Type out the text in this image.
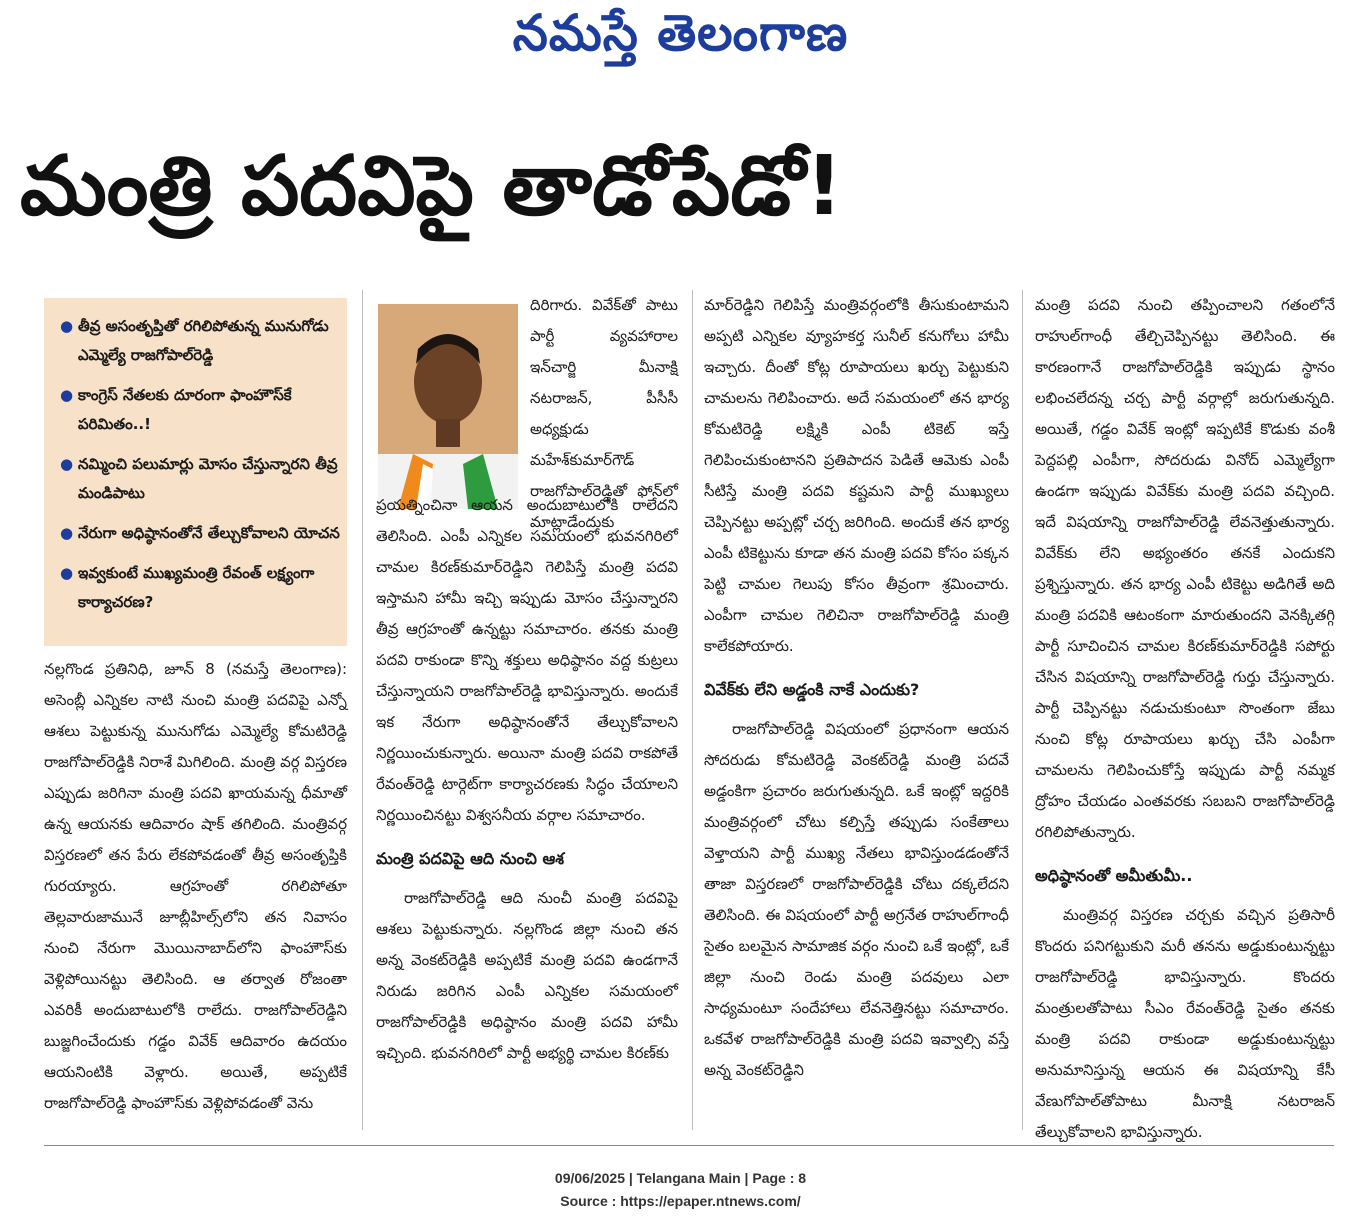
నమస్తే తెలంగాణ
మంత్రి పదవిపై తాడోపేడో!
● తీవ్ర అసంతృప్తితో రగిలిపోతున్న మునుగోడు ఎమ్మెల్యే రాజగోపాల్‌రెడ్డి
● కాంగ్రెస్‌ నేతలకు దూరంగా ఫాంహౌస్‌కే పరిమితం..!
● నమ్మించి పలుమార్లు మోసం చేస్తున్నారని తీవ్ర మండిపాటు
● నేరుగా అధిష్ఠానంతోనే తేల్చుకోవాలని యోచన
● ఇవ్వకుంటే ముఖ్యమంత్రి రేవంత్‌ లక్ష్యంగా కార్యాచరణ?

నల్లగొండ ప్రతినిధి, జూన్‌ 8 (నమస్తే తెలంగాణ): అసెంబ్లీ ఎన్నికల నాటి నుంచి మంత్రి పదవిపై ఎన్నో ఆశలు పెట్టుకున్న మునుగోడు ఎమ్మెల్యే కోమటిరెడ్డి రాజగోపాల్‌రెడ్డికి నిరాశే మిగిలింది. మంత్రి వర్గ విస్తరణ ఎప్పుడు జరిగినా మంత్రి పదవి ఖాయమన్న ధీమాతో ఉన్న ఆయనకు ఆదివారం షాక్‌ తగిలింది. మంత్రివర్గ విస్తరణలో తన పేరు లేకపోవడంతో తీవ్ర అసంతృప్తికి గురయ్యారు. ఆగ్రహంతో రగిలిపోతూ తెల్లవారుజామునే జూబ్లీహిల్స్‌లోని తన నివాసం నుంచి నేరుగా మొయినాబాద్‌లోని ఫాంహౌస్‌కు వెళ్లిపోయినట్టు తెలిసింది. ఆ తర్వాత రోజంతా ఎవరికీ అందుబాటులోకి రాలేదు. రాజగోపాల్‌రెడ్డిని బుజ్జగించేందుకు గడ్డం వివేక్‌ ఆదివారం ఉదయం ఆయనింటికి వెళ్లారు. అయితే, అప్పటికే రాజగోపాల్‌రెడ్డి ఫాంహౌస్‌కు వెళ్లిపోవడంతో వెను

దిరిగారు. వివేక్‌తో పాటు పార్టీ వ్యవహారాల ఇన్‌చార్జి మీనాక్షి నటరాజన్‌, పీసీసీ అధ్యక్షుడు మహేశ్‌కుమార్‌గౌడ్‌ రాజగోపాల్‌రెడ్డితో ఫోన్‌లో మాట్లాడేందుకు

ప్రయత్నించినా ఆయన అందుబాటులోకి రాలేదని తెలిసింది. ఎంపీ ఎన్నికల సమయంలో భువనగిరిలో చామల కిరణ్‌కుమార్‌రెడ్డిని గెలిపిస్తే మంత్రి పదవి ఇస్తామని హామీ ఇచ్చి ఇప్పుడు మోసం చేస్తున్నారని తీవ్ర ఆగ్రహంతో ఉన్నట్టు సమాచారం. తనకు మంత్రి పదవి రాకుండా కొన్ని శక్తులు అధిష్ఠానం వద్ద కుట్రలు చేస్తున్నాయని రాజగోపాల్‌రెడ్డి భావిస్తున్నారు. అందుకే ఇక నేరుగా అధిష్ఠానంతోనే తేల్చుకోవాలని నిర్ణయించుకున్నారు. అయినా మంత్రి పదవి రాకపోతే రేవంత్‌రెడ్డి టార్గెట్‌గా కార్యాచరణకు సిద్ధం చేయాలని నిర్ణయించినట్టు విశ్వసనీయ వర్గాల సమాచారం.

మంత్రి పదవిపై ఆది నుంచి ఆశ

రాజగోపాల్‌రెడ్డి ఆది నుంచీ మంత్రి పదవిపై ఆశలు పెట్టుకున్నారు. నల్లగొండ జిల్లా నుంచి తన అన్న వెంకట్‌రెడ్డికి అప్పటికే మంత్రి పదవి ఉండగానే నిరుడు జరిగిన ఎంపీ ఎన్నికల సమయంలో రాజగోపాల్‌రెడ్డికి అధిష్ఠానం మంత్రి పదవి హామీ ఇచ్చింది. భువనగిరిలో పార్టీ అభ్యర్థి చామల కిరణ్‌కు

మార్‌రెడ్డిని గెలిపిస్తే మంత్రివర్గంలోకి తీసుకుంటామని అప్పటి ఎన్నికల వ్యూహకర్త సునీల్‌ కనుగోలు హామీ ఇచ్చారు. దీంతో కోట్ల రూపాయలు ఖర్చు పెట్టుకుని చామలను గెలిపించారు. అదే సమయంలో తన భార్య కోమటిరెడ్డి లక్ష్మికి ఎంపీ టికెట్‌ ఇస్తే గెలిపించుకుంటానని ప్రతిపాదన పెడితే ఆమెకు ఎంపీ సీటిస్తే మంత్రి పదవి కష్టమని పార్టీ ముఖ్యులు చెప్పినట్టు అప్పట్లో చర్చ జరిగింది. అందుకే తన భార్య ఎంపీ టికెట్టును కూడా తన మంత్రి పదవి కోసం పక్కన పెట్టి చామల గెలుపు కోసం తీవ్రంగా శ్రమించారు. ఎంపీగా చామల గెలిచినా రాజగోపాల్‌రెడ్డి మంత్రి కాలేకపోయారు.

వివేక్‌కు లేని అడ్డంకి నాకే ఎందుకు?

రాజగోపాల్‌రెడ్డి విషయంలో ప్రధానంగా ఆయన సోదరుడు కోమటిరెడ్డి వెంకట్‌రెడ్డి మంత్రి పదవే అడ్డంకిగా ప్రచారం జరుగుతున్నది. ఒకే ఇంట్లో ఇద్దరికి మంత్రివర్గంలో చోటు కల్పిస్తే తప్పుడు సంకేతాలు వెళ్తాయని పార్టీ ముఖ్య నేతలు భావిస్తుండడంతోనే తాజా విస్తరణలో రాజగోపాల్‌రెడ్డికి చోటు దక్కలేదని తెలిసింది. ఈ విషయంలో పార్టీ అగ్రనేత రాహుల్‌గాంధీ సైతం బలమైన సామాజిక వర్గం నుంచి ఒకే ఇంట్లో, ఒకే జిల్లా నుంచి రెండు మంత్రి పదవులు ఎలా సాధ్యమంటూ సందేహాలు లేవనెత్తినట్టు సమాచారం. ఒకవేళ రాజగోపాల్‌రెడ్డికి మంత్రి పదవి ఇవ్వాల్సి వస్తే అన్న వెంకట్‌రెడ్డిని

మంత్రి పదవి నుంచి తప్పించాలని గతంలోనే రాహుల్‌గాంధీ తేల్చిచెప్పినట్టు తెలిసింది. ఈ కారణంగానే రాజగోపాల్‌రెడ్డికి ఇప్పుడు స్థానం లభించలేదన్న చర్చ పార్టీ వర్గాల్లో జరుగుతున్నది. అయితే, గడ్డం వివేక్‌ ఇంట్లో ఇప్పటికే కొడుకు వంశీ పెద్దపల్లి ఎంపీగా, సోదరుడు వినోద్‌ ఎమ్మెల్యేగా ఉండగా ఇప్పుడు వివేక్‌కు మంత్రి పదవి వచ్చింది. ఇదే విషయాన్ని రాజగోపాల్‌రెడ్డి లేవనెత్తుతున్నారు. వివేక్‌కు లేని అభ్యంతరం తనకే ఎందుకని ప్రశ్నిస్తున్నారు. తన భార్య ఎంపీ టికెట్టు అడిగితే అది మంత్రి పదవికి ఆటంకంగా మారుతుందని వెనక్కితగ్గి పార్టీ సూచించిన చామల కిరణ్‌కుమార్‌రెడ్డికి సపోర్టు చేసిన విషయాన్ని రాజగోపాల్‌రెడ్డి గుర్తు చేస్తున్నారు. పార్టీ చెప్పినట్టు నడుచుకుంటూ సొంతంగా జేబు నుంచి కోట్ల రూపాయలు ఖర్చు చేసి ఎంపీగా చామలను గెలిపించుకోస్తే ఇప్పుడు పార్టీ నమ్మక ద్రోహం చేయడం ఎంతవరకు సబబని రాజగోపాల్‌రెడ్డి రగిలిపోతున్నారు.

అధిష్ఠానంతో అమీతుమీ..

మంత్రివర్గ విస్తరణ చర్చకు వచ్చిన ప్రతిసారీ కొందరు పనిగట్టుకుని మరీ తనను అడ్డుకుంటున్నట్టు రాజగోపాల్‌రెడ్డి భావిస్తున్నారు. కొందరు మంత్రులతోపాటు సీఎం రేవంత్‌రెడ్డి సైతం తనకు మంత్రి పదవి రాకుండా అడ్డుకుంటున్నట్టు అనుమానిస్తున్న ఆయన ఈ విషయాన్ని కేసీ వేణుగోపాల్‌తోపాటు మీనాక్షి నటరాజన్‌ తేల్చుకోవాలని భావిస్తున్నారు.

09/06/2025 | Telangana Main | Page : 8
Source : https://epaper.ntnews.com/
